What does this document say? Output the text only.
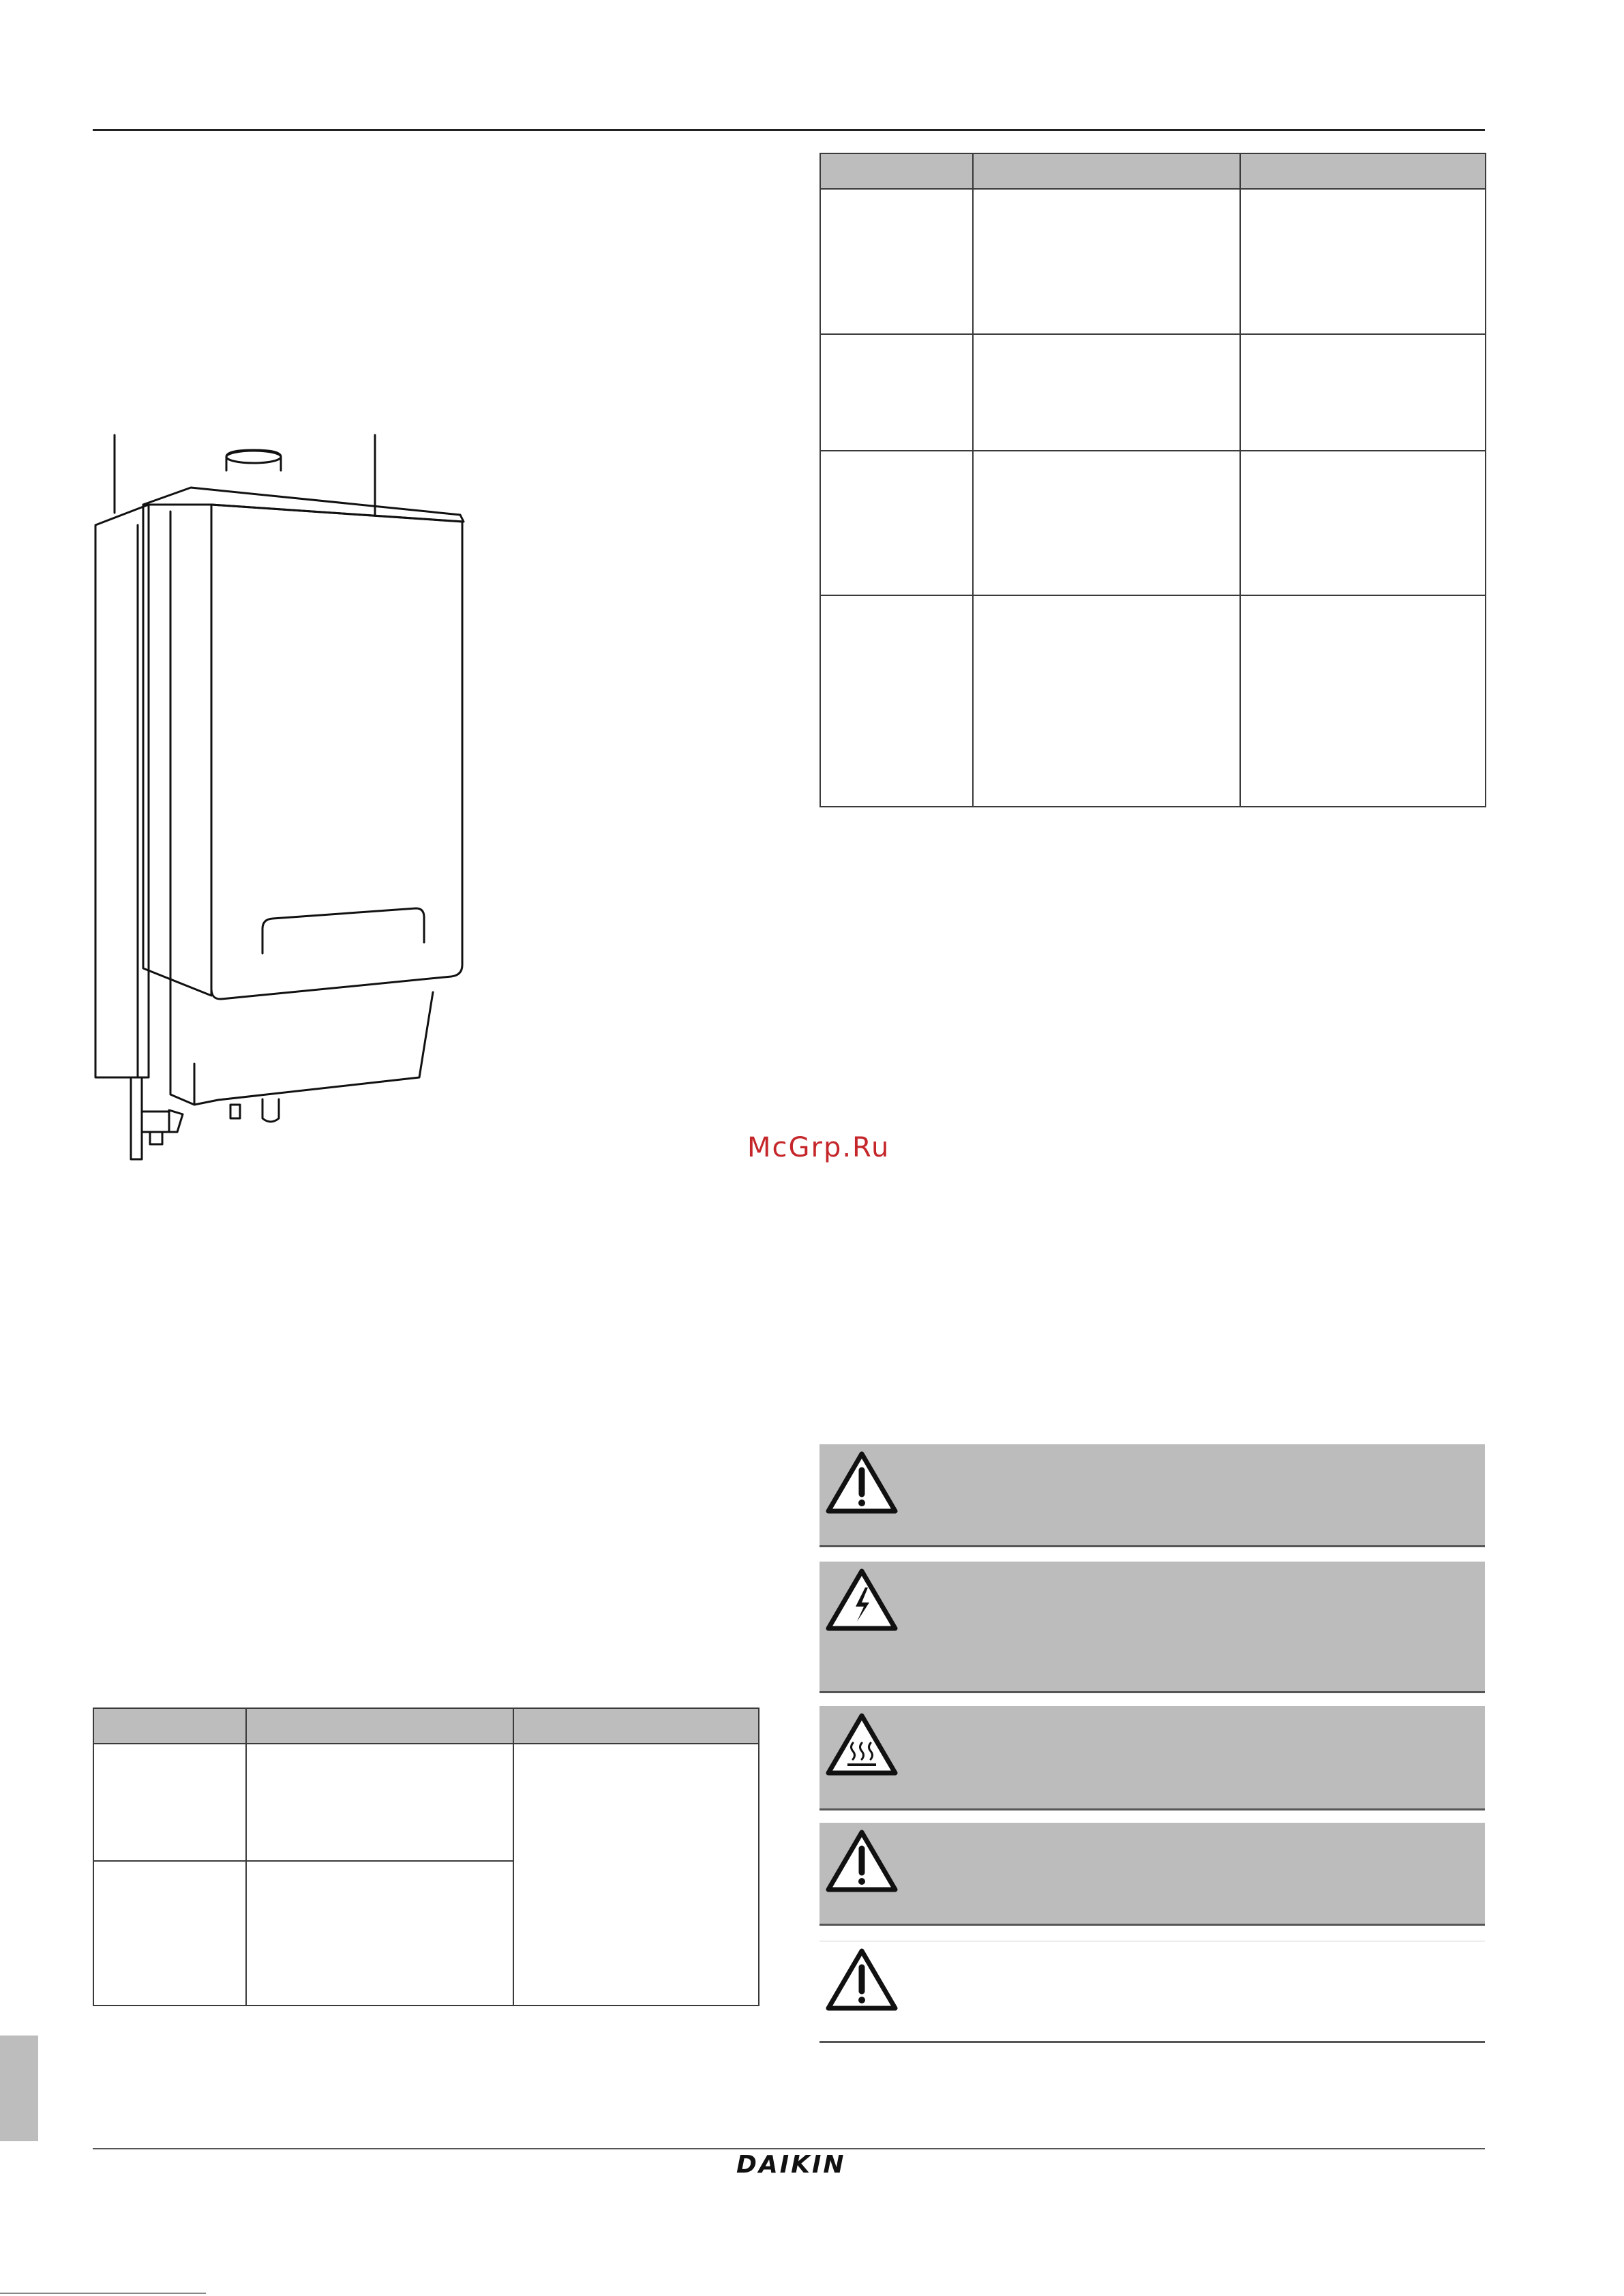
McGrp.Ru

DAIKIN
